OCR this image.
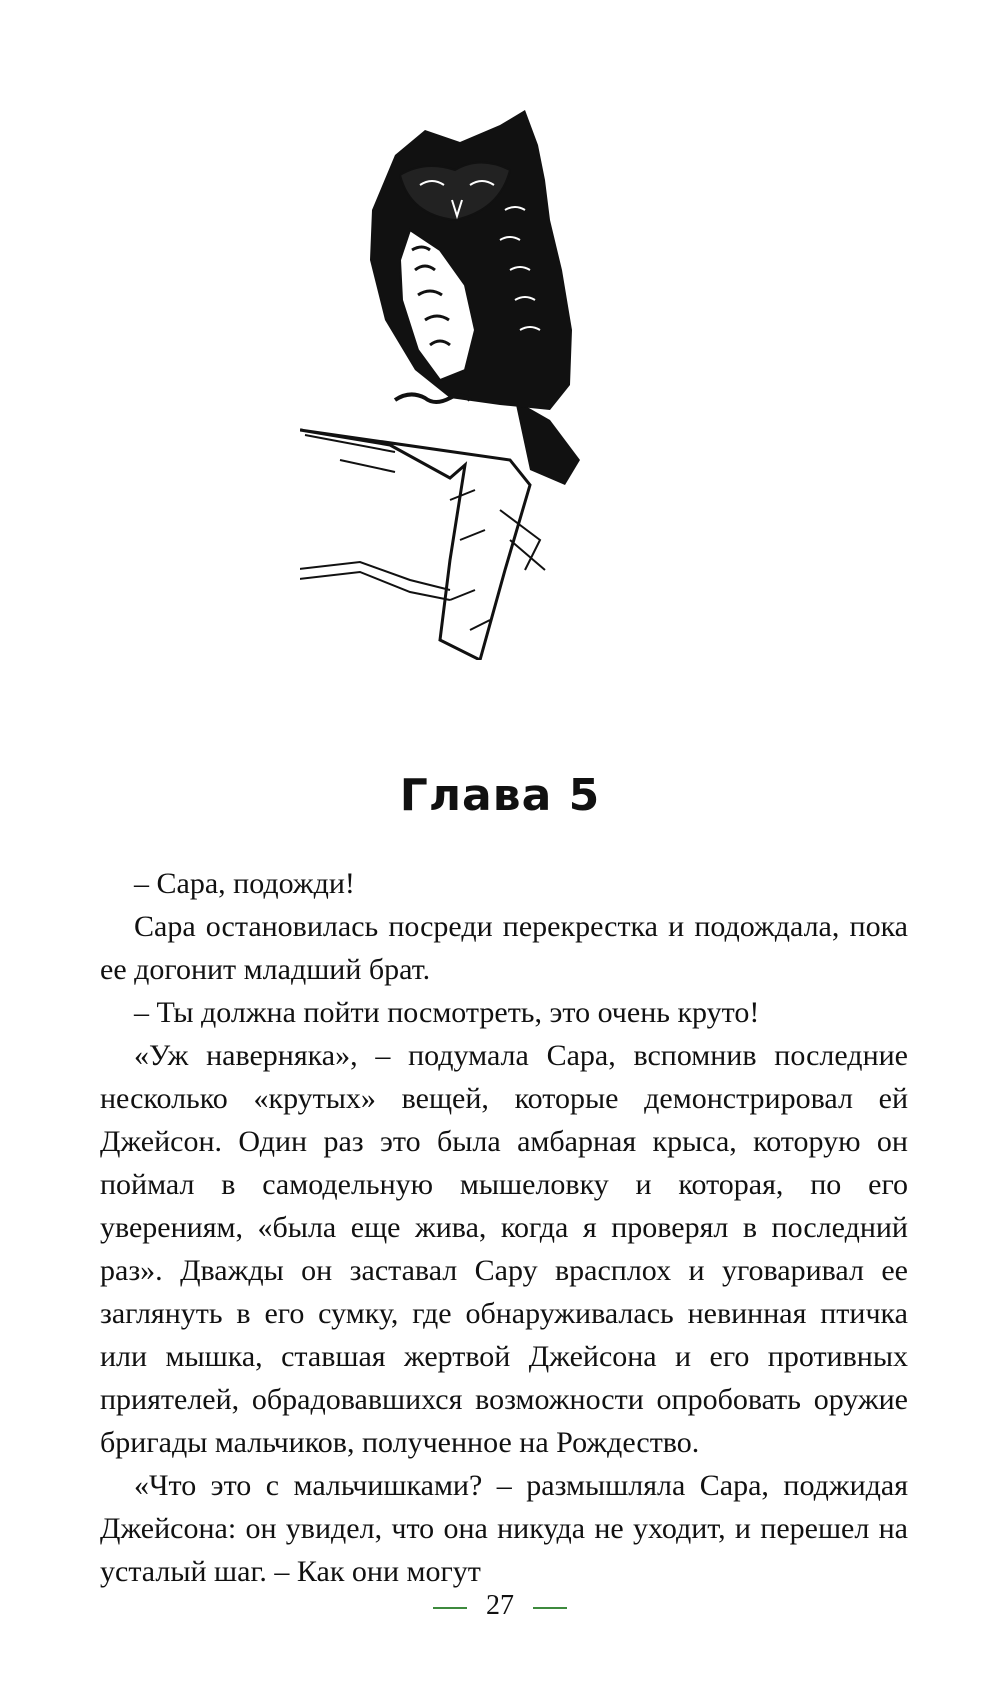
Глава 5

– Сара, подожди!

Сара остановилась посреди перекрестка и подождала, пока ее догонит младший брат.

– Ты должна пойти посмотреть, это очень круто!

«Уж наверняка», – подумала Сара, вспомнив последние несколько «крутых» вещей, которые демонстрировал ей Джейсон. Один раз это была амбарная крыса, которую он поймал в самодельную мышеловку и которая, по его уверениям, «была еще жива, когда я проверял в последний раз». Дважды он заставал Сару врасплох и уговаривал ее заглянуть в его сумку, где обнаруживалась невинная птичка или мышка, ставшая жертвой Джейсона и его противных приятелей, обрадовавшихся возможности опробовать оружие бригады мальчиков, полученное на Рождество.

«Что это с мальчишками? – размышляла Сара, поджидая Джейсона: он увидел, что она никуда не уходит, и перешел на усталый шаг. – Как они могут

27
